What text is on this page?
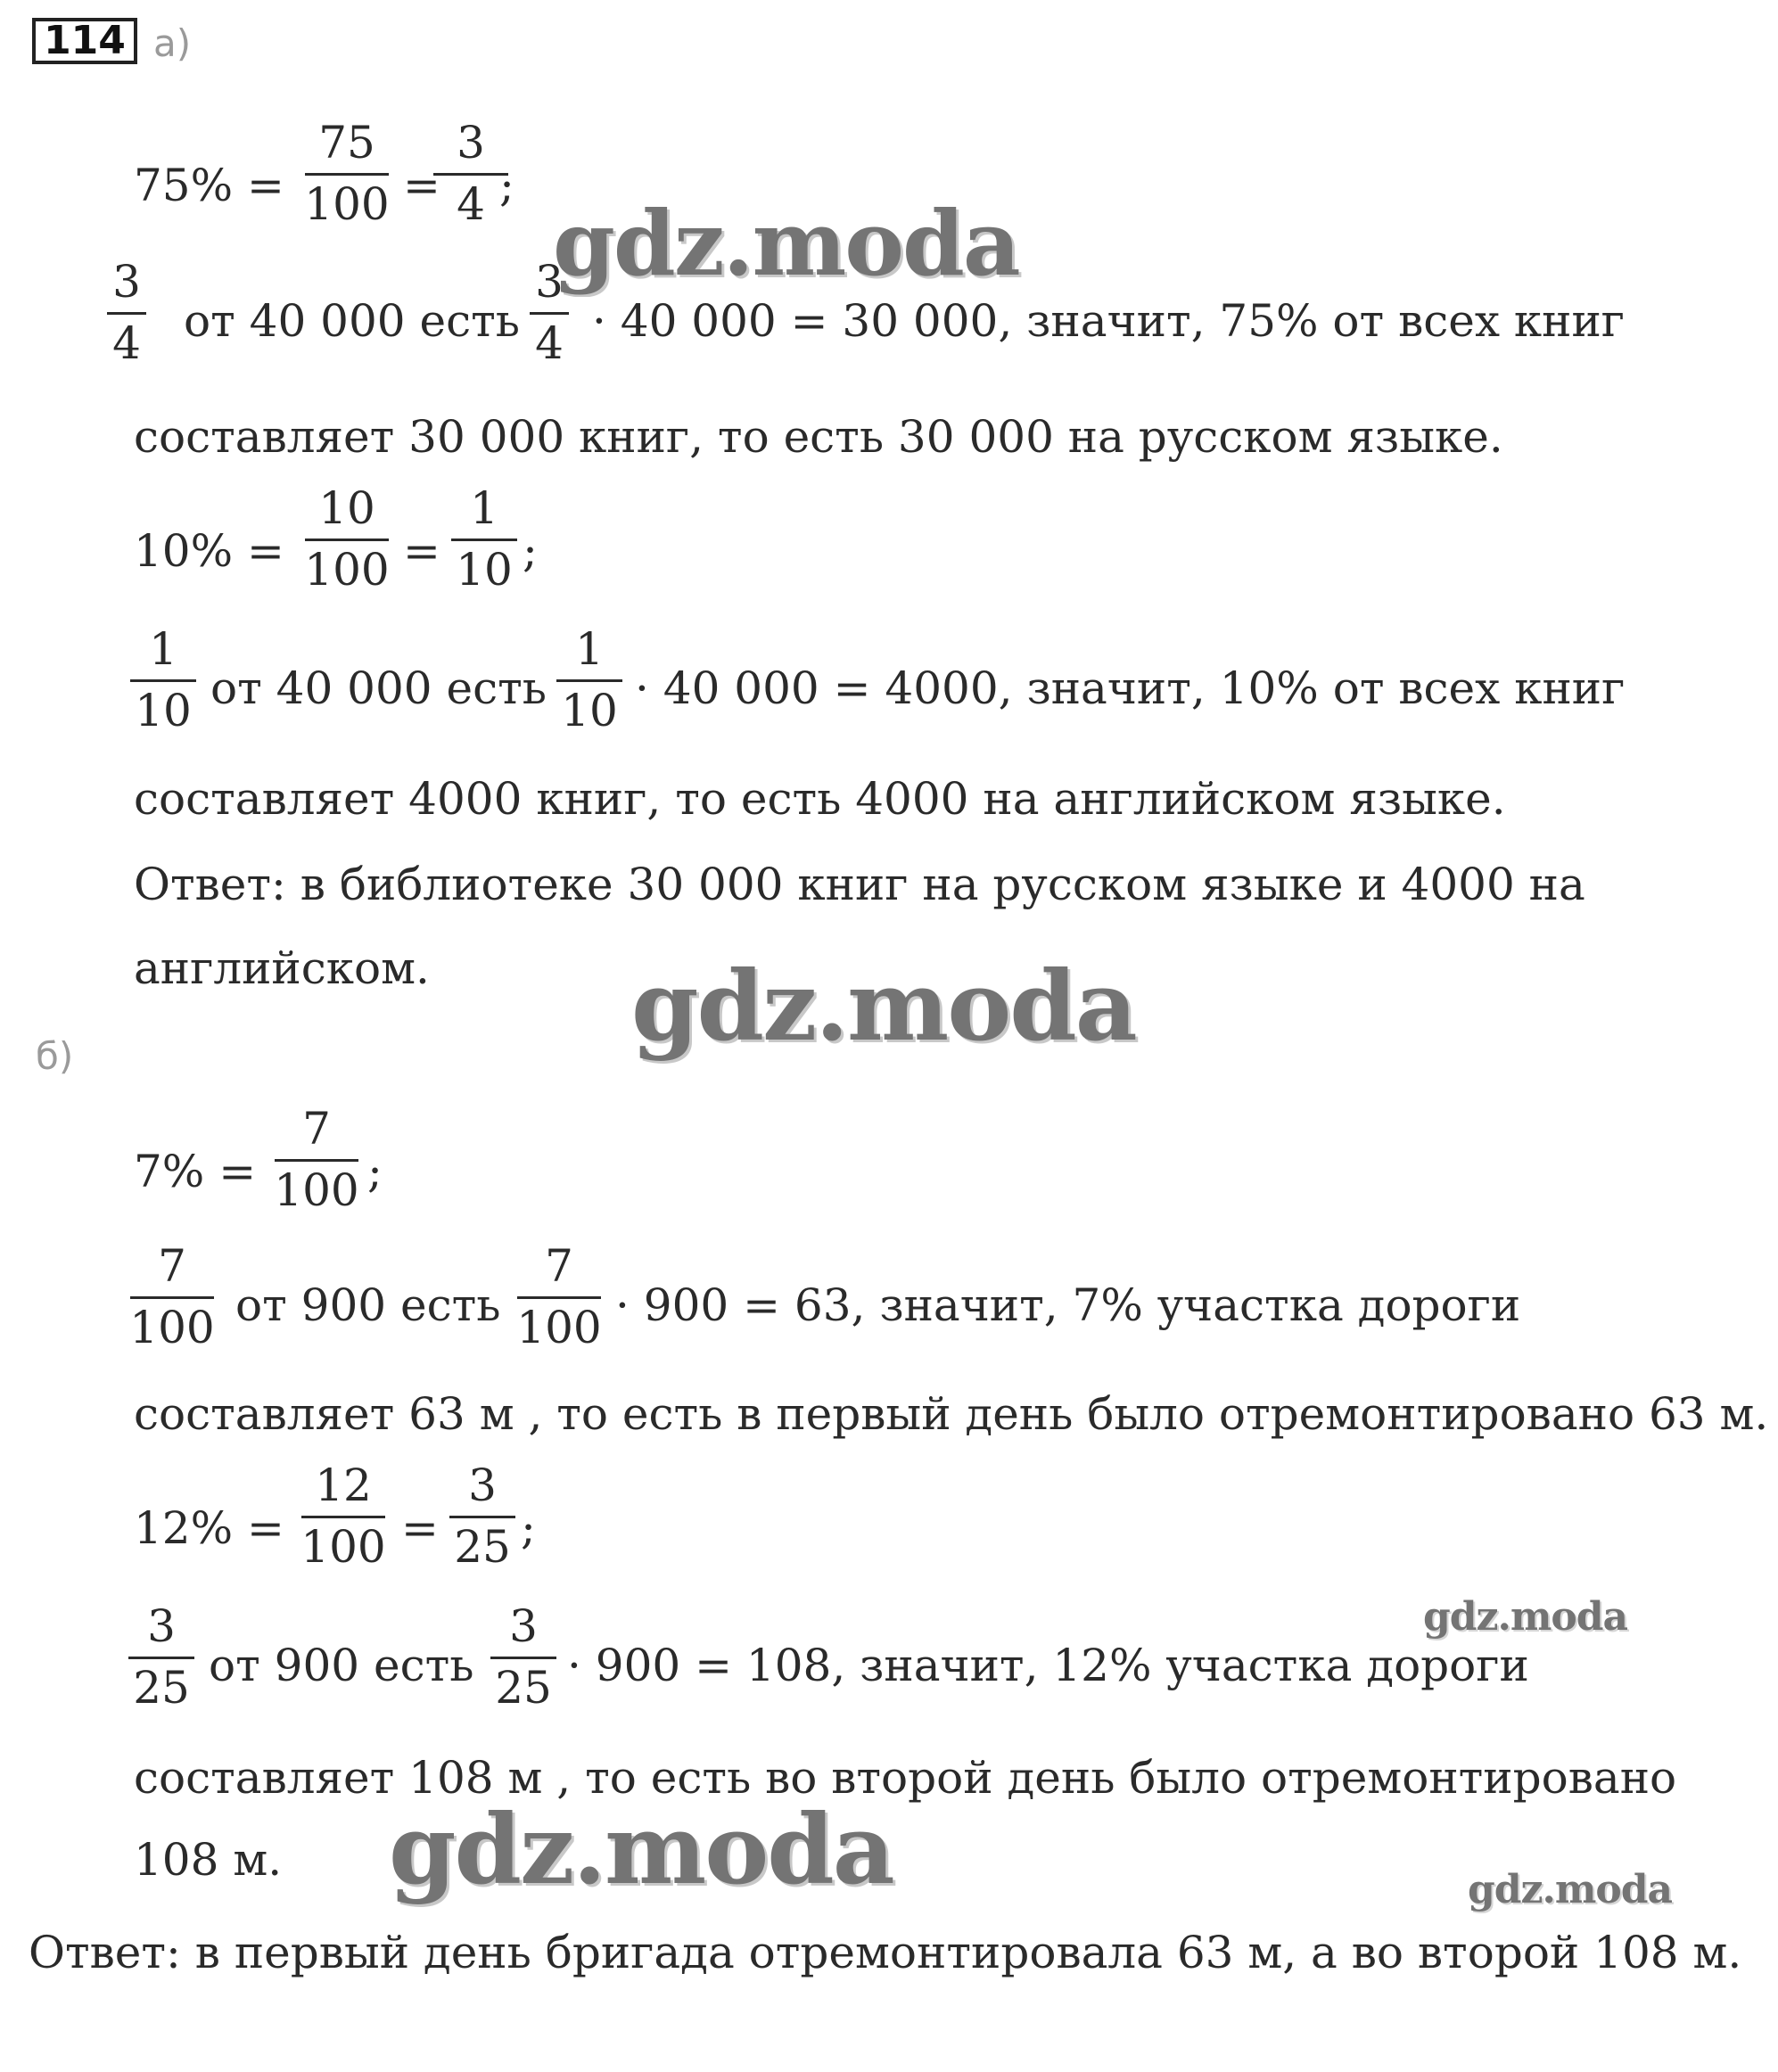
114 а)
75% =
75
100 =
3
4 ;
3
4 от 40 000 есть
3
4 · 40 000 = 30 000, значит, 75% от всех книг
составляет 30 000 книг, то есть 30 000 на русском языке.
10% =
10
100 =
1
10 ;
1
10 от 40 000 есть
1
10 · 40 000 = 4000, значит, 10% от всех книг
составляет 4000 книг, то есть 4000 на английском языке.
Ответ: в библиотеке 30 000 книг на русском языке и 4000 на
английском.
б)
7% =
7
100 ;
7
100 от 900 есть
7
100 · 900 = 63, значит, 7% участка дороги
составляет 63 м , то есть в первый день было отремонтировано 63 м.
12% =
12
100 =
3
25 ;
3
25 от 900 есть
3
25 · 900 = 108, значит, 12% участка дороги
составляет 108 м , то есть во второй день было отремонтировано
108 м.
Ответ: в первый день бригада отремонтировала 63 м, а во второй 108 м.
gdz.moda
gdz.moda
gdz.moda
gdz.moda	gdz.moda
